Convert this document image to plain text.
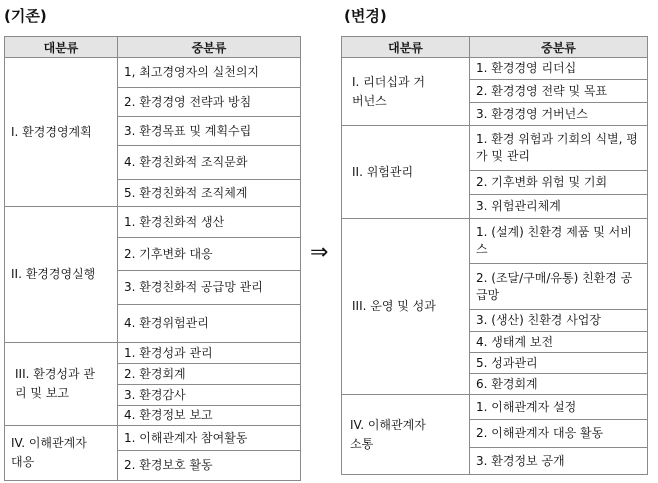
(기존)	(변경)
대분류	중분류
I. 환경경영계획	1, 최고경영자의 실천의지
	2. 환경경영 전략과 방침
	3. 환경목표 및 계획수립
	4. 환경친화적 조직문화
	5. 환경친화적 조직체계
II. 환경경영실행	1. 환경친화적 생산
	2. 기후변화 대응
	3. 환경친화적 공급망 관리
	4. 환경위험관리
III. 환경성과 관리 및 보고	1. 환경성과 관리
	2. 환경회계
	3. 환경감사
	4. 환경정보 보고
IV. 이해관계자 대응	1. 이해관계자 참여활동
	2. 환경보호 활동
⇒
대분류	중분류
I. 리더십과 거버넌스	1. 환경경영 리더십
	2. 환경경영 전략 및 목표
	3. 환경경영 거버넌스
II. 위험관리	1. 환경 위험과 기회의 식별, 평가 및 관리
	2. 기후변화 위험 및 기회
	3. 위험관리체계
III. 운영 및 성과	1. (설계) 친환경 제품 및 서비스
	2. (조달/구매/유통) 친환경 공급망
	3. (생산) 친환경 사업장
	4. 생태계 보전
	5. 성과관리
	6. 환경회계
IV. 이해관계자 소통	1. 이해관계자 설정
	2. 이해관계자 대응 활동
	3. 환경정보 공개
